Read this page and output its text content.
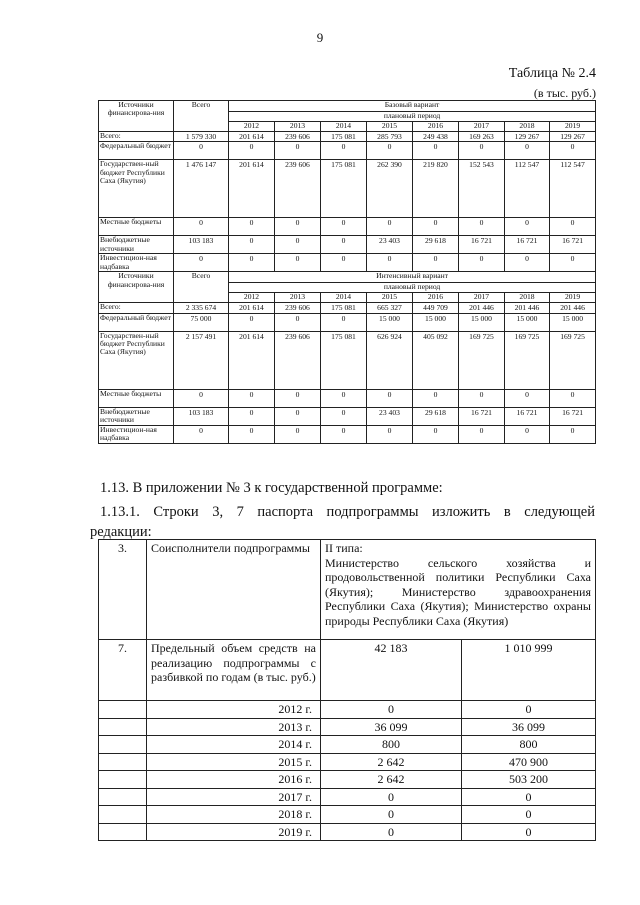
9
Таблица № 2.4
(в тыс. руб.)
Источники финансирова-ния	Всего	Базовый вариант							
		плановый период							
		2012	2013	2014	2015	2016	2017	2018	2019
Всего:	1 579 330	201 614	239 606	175 081	285 793	249 438	169 263	129 267	129 267
Федеральный бюджет	0	0	0	0	0	0	0	0	0
Государствен-ный бюджет Республики Саха (Якутия)	1 476 147	201 614	239 606	175 081	262 390	219 820	152 543	112 547	112 547
Местные бюджеты	0	0	0	0	0	0	0	0	0
Внебюджетные источники	103 183	0	0	0	23 403	29 618	16 721	16 721	16 721
Инвестицион-ная надбавка	0	0	0	0	0	0	0	0	0
Источники финансирова-ния	Всего	Интенсивный вариант							
		плановый период							
		2012	2013	2014	2015	2016	2017	2018	2019
Всего:	2 335 674	201 614	239 606	175 081	665 327	449 709	201 446	201 446	201 446
Федеральный бюджет	75 000	0	0	0	15 000	15 000	15 000	15 000	15 000
Государствен-ный бюджет Республики Саха (Якутия)	2 157 491	201 614	239 606	175 081	626 924	405 092	169 725	169 725	169 725
Местные бюджеты	0	0	0	0	0	0	0	0	0
Внебюджетные источники	103 183	0	0	0	23 403	29 618	16 721	16 721	16 721
Инвестицион-ная надбавка	0	0	0	0	0	0	0	0	0
1.13. В приложении № 3 к государственной программе:
1.13.1. Строки 3, 7 паспорта подпрограммы изложить в следующей
редакции:
3.	Соисполнители подпрограммы	II типа:
Министерство сельского хозяйства и продовольственной политики Республики Саха (Якутия); Министерство здравоохранения Республики Саха (Якутия); Министерство охраны природы Республики Саха (Якутия)	

7.	Предельный объем средств на реализацию подпрограммы с разбивкой по годам (в тыс. руб.)	42 183	1 010 999
	2012 г.	0	0
	2013 г.	36 099	36 099
	2014 г.	800	800
	2015 г.	2 642	470 900
	2016 г.	2 642	503 200
	2017 г.	0	0
	2018 г.	0	0
	2019 г.	0	0
